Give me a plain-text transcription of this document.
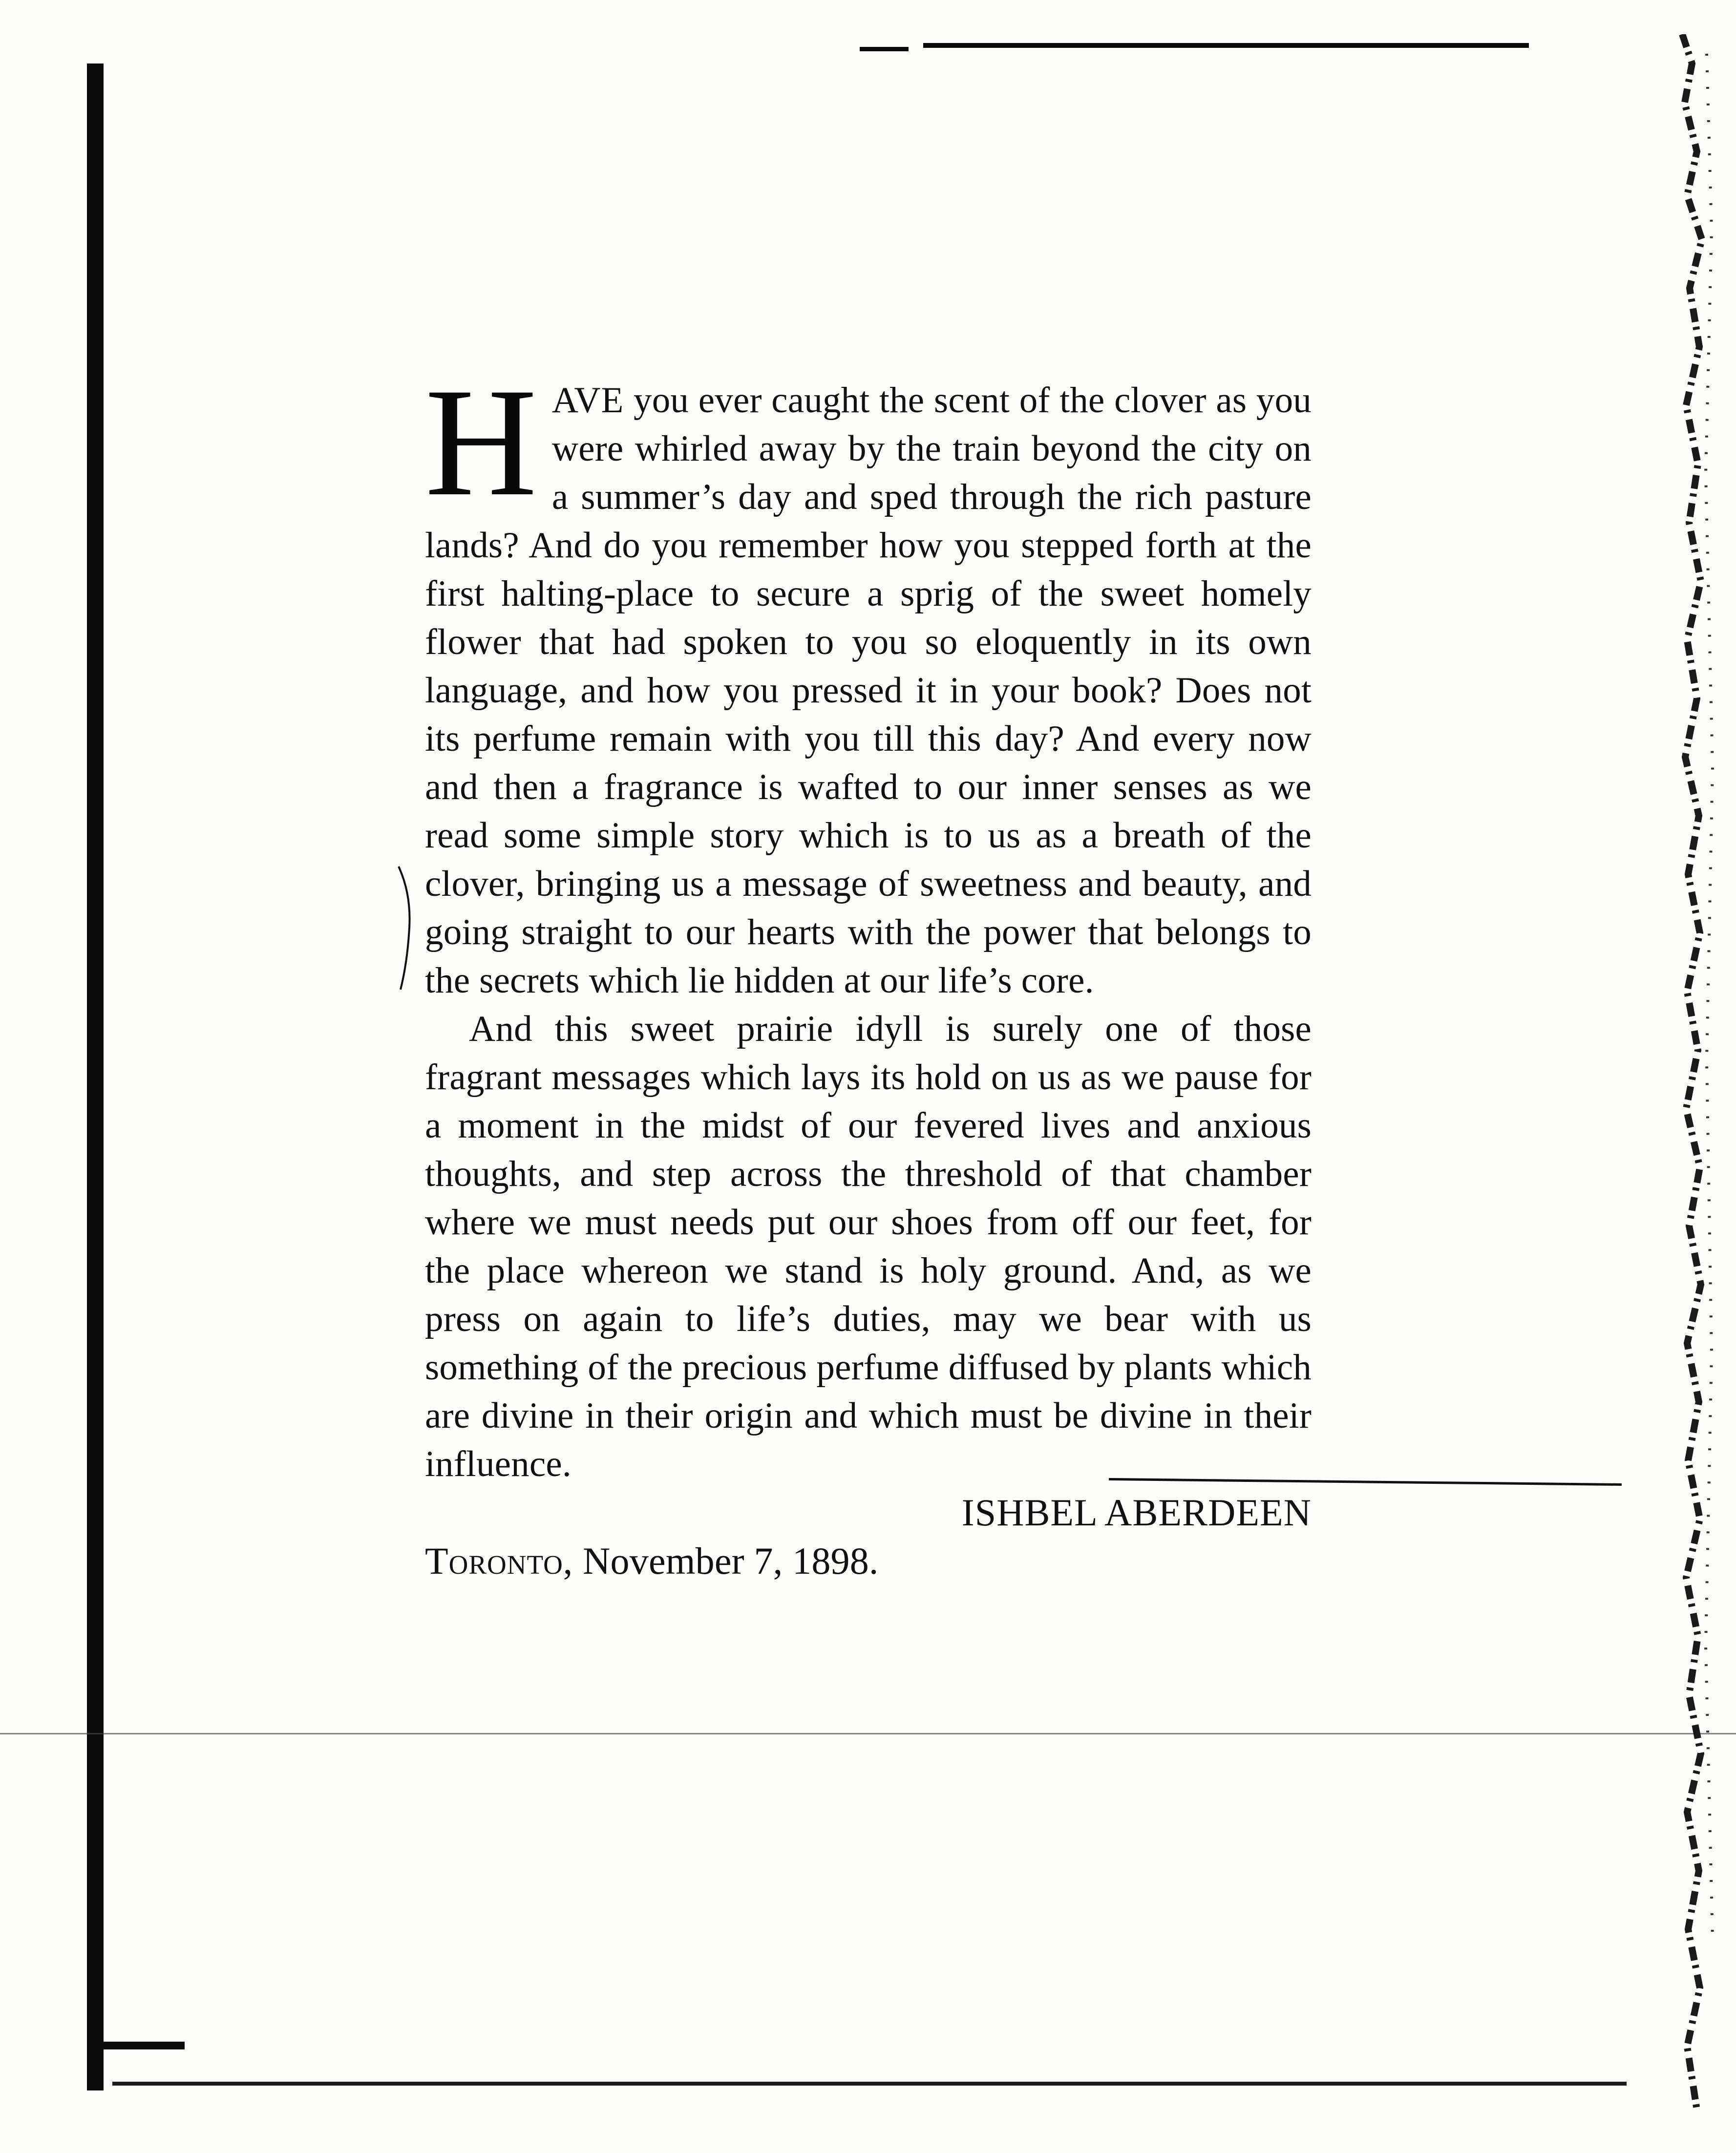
HAVE you ever caught the scent of the clover as you were whirled away by the train beyond the city on a summer’s day and sped through the rich pasture lands? And do you remember how you stepped forth at the first halting-place to secure a sprig of the sweet homely flower that had spoken to you so eloquently in its own language, and how you pressed it in your book? Does not its perfume remain with you till this day? And every now and then a fragrance is wafted to our inner senses as we read some simple story which is to us as a breath of the clover, bringing us a message of sweetness and beauty, and going straight to our hearts with the power that belongs to the secrets which lie hidden at our life’s core.

And this sweet prairie idyll is surely one of those fragrant messages which lays its hold on us as we pause for a moment in the midst of our fevered lives and anxious thoughts, and step across the threshold of that chamber where we must needs put our shoes from off our feet, for the place whereon we stand is holy ground. And, as we press on again to life’s duties, may we bear with us something of the precious perfume diffused by plants which are divine in their origin and which must be divine in their influence.

ISHBEL ABERDEEN

Toronto, November 7, 1898.
